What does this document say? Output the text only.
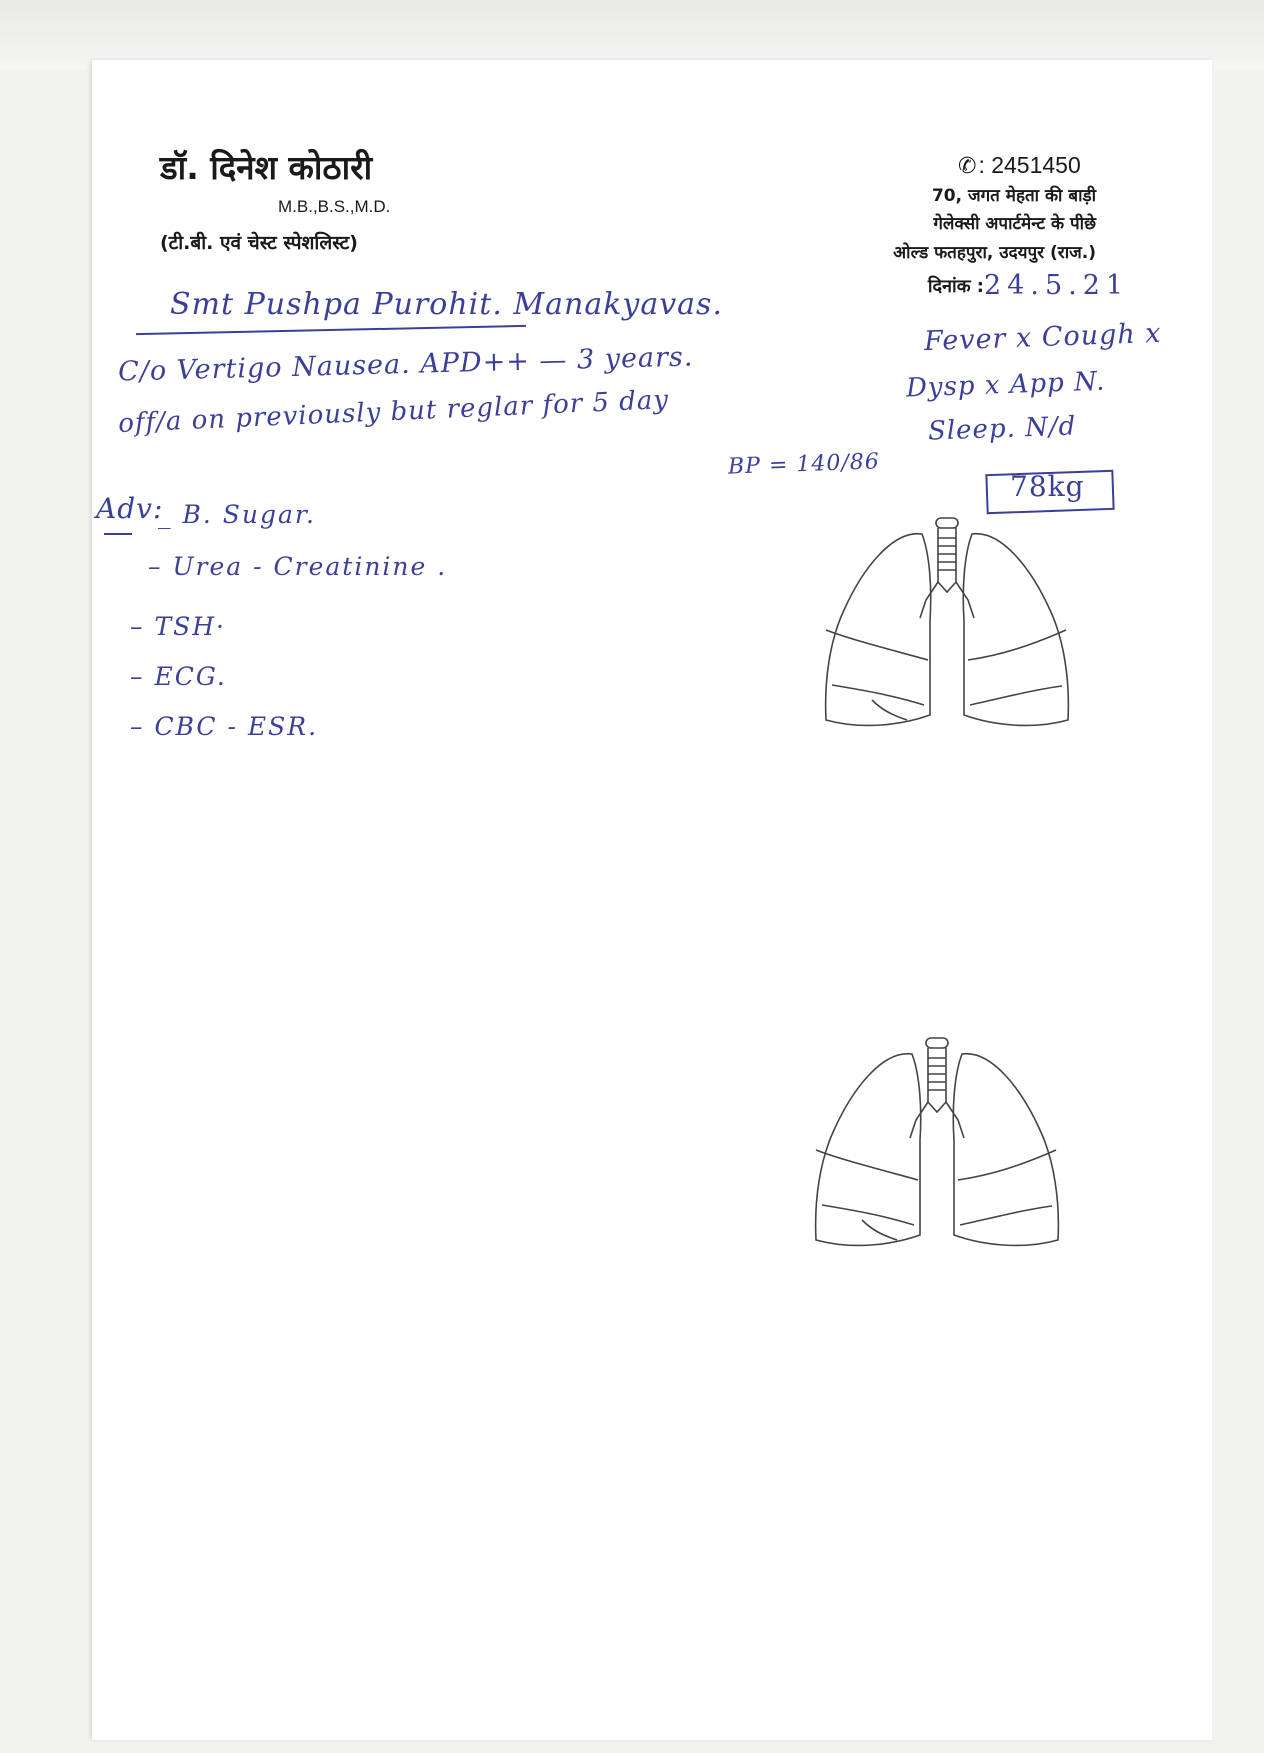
डॉ. दिनेश कोठारी
M.B.,B.S.,M.D.
(टी.बी. एवं चेस्ट स्पेशलिस्ट)
✆: 2451450
70, जगत मेहता की बाड़ी
गेलेक्सी अपार्टमेन्ट के पीछे
ओल्ड फतहपुरा, उदयपुर (राज.)
दिनांक : 24.5.21
Smt Pushpa Purohit. Manakyavas.
C/o Vertigo Nausea. APD++ — 3 years.
off/a on previously but reglar for 5 day
Fever x Cough x
Dysp x App N.
Sleep. N/d
BP = 140/86
78kg
Adv:
_ B. Sugar.
– Urea - Creatinine .
– TSH·
– ECG.
– CBC - ESR.
